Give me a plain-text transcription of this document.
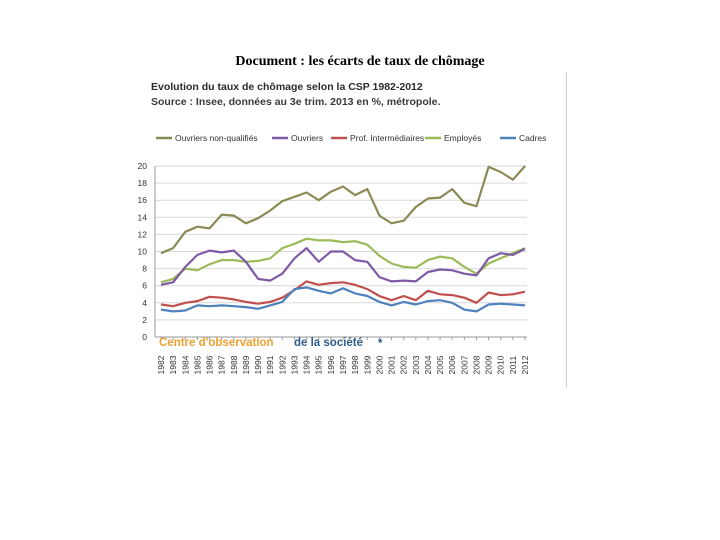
Document : les écarts de taux de chômage
Evolution du taux de chômage selon la CSP 1982-2012
Source : Insee, données au 3e trim. 2013 en %, métropole.
0
2
4
6
8
10
12
14
16
18
20
1982 1983 1984 1985 1986 1987 1988 1989 1990 1991 1992 1993 1994 1995 1996 1997 1998 1999 2000 2001 2002 2003 2004 2005 2006 2007 2008 2009 2010 2011 2012
Ouvriers non-qualifiés	Ouvriers	Prof. Intermédiaires Employés	Cadres
Centre d'observation de la société *
